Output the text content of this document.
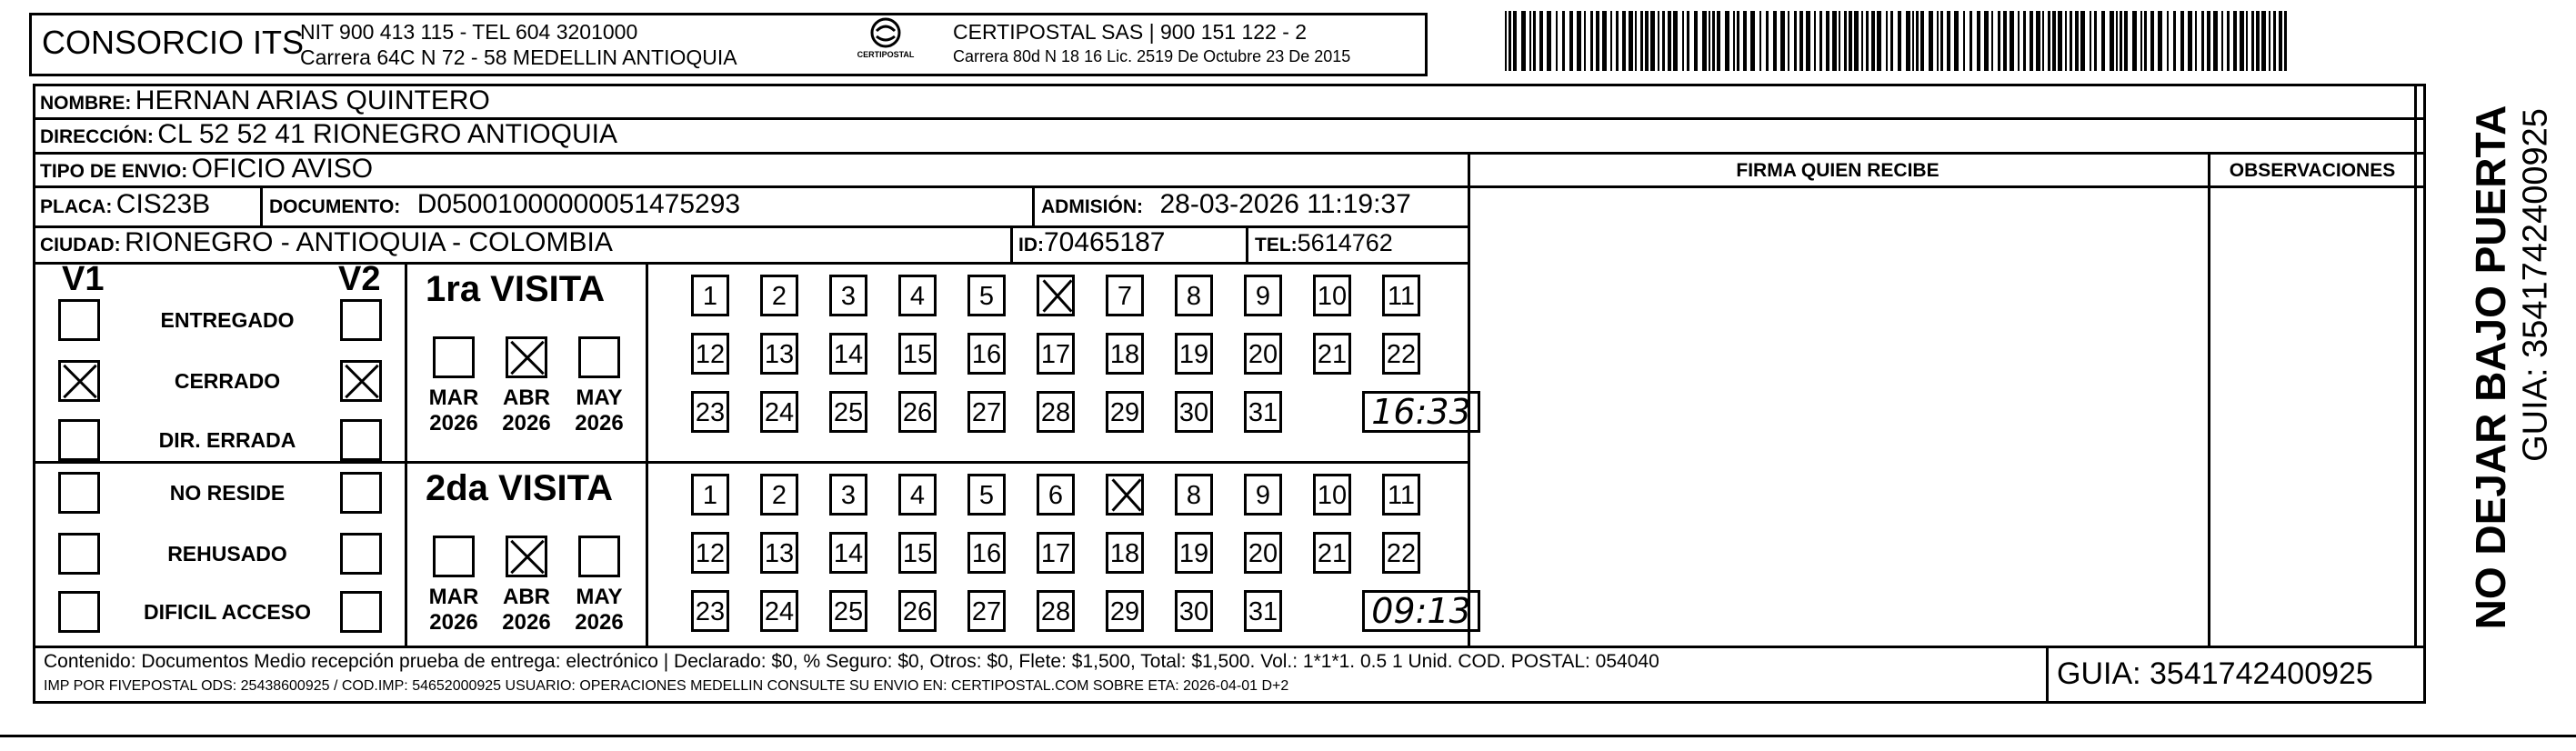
CONSORCIO ITS
NIT 900 413 115 - TEL 604 3201000
Carrera 64C N 72 - 58 MEDELLIN ANTIOQUIA	CERTIPOSTAL
CERTIPOSTAL SAS | 900 151 122 - 2
Carrera 80d N 18 16 Lic. 2519 De Octubre 23 De 2015
NOMBRE: HERNAN ARIAS QUINTERO
DIRECCIÓN: CL 52 52 41 RIONEGRO ANTIOQUIA
TIPO DE ENVIO: OFICIO AVISO	FIRMA QUIEN RECIBE	OBSERVACIONES
PLACA: CIS23B	DOCUMENTO: D05001000000051475293	ADMISIÓN: 28-03-2026 11:19:37
CIUDAD: RIONEGRO - ANTIOQUIA - COLOMBIA	ID:70465187	TEL:5614762
V1	V2
ENTREGADO
CERRADO
DIR. ERRADA
NO RESIDE
REHUSADO
DIFICIL ACCESO
1ra VISITA
MAR
2026
ABR
2026
MAY
2026
1	2	3	4	5	7	8	9	10 11
12 13 14 15 16 17 18 19 20 21 22
23 24 25 26 27 28 29 30 31	16:33
2da VISITA
MAR
2026
ABR
2026
MAY
2026
1	2	3	4	5	6	8	9	10 11
12 13 14 15 16 17 18 19 20 21 22
23 24 25 26 27 28 29 30 31	09:13	NO DEJAR BAJO PUERTA GUIA: 3541742400925
Contenido: Documentos Medio recepción prueba de entrega: electrónico | Declarado: $0, % Seguro: $0, Otros: $0, Flete: $1,500, Total: $1,500. Vol.: 1*1*1. 0.5 1 Unid. COD. POSTAL: 054040
IMP POR FIVEPOSTAL ODS: 25438600925 / COD.IMP: 54652000925 USUARIO: OPERACIONES MEDELLIN CONSULTE SU ENVIO EN: CERTIPOSTAL.COM SOBRE ETA: 2026-04-01 D+2	GUIA: 3541742400925
